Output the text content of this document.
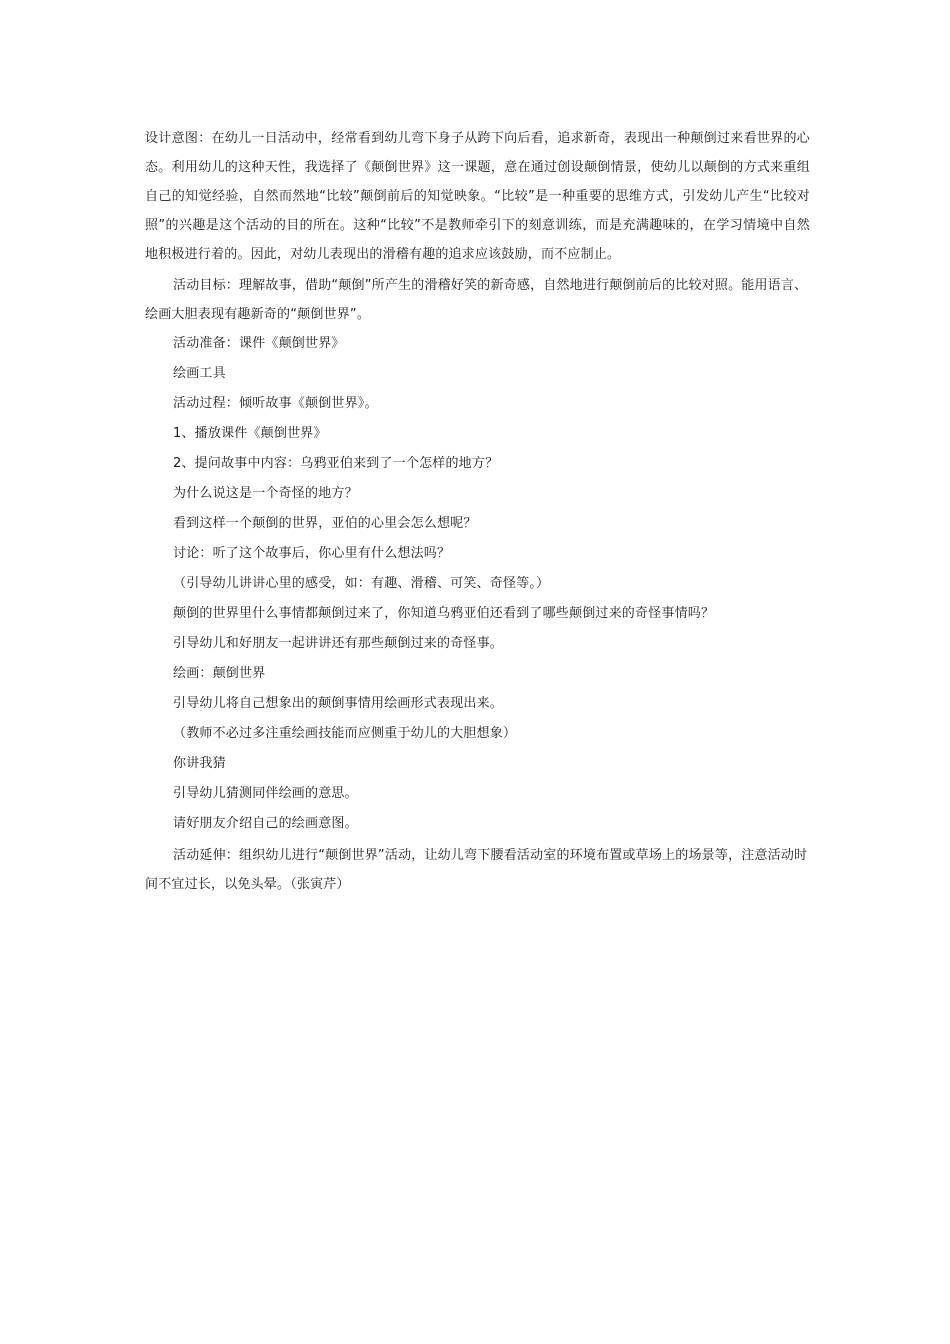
设计意图：在幼儿一日活动中，经常看到幼儿弯下身子从跨下向后看，追求新奇，表现出一种颠倒过来看世界的心态。利用幼儿的这种天性，我选择了《颠倒世界》这一课题，意在通过创设颠倒情景，使幼儿以颠倒的方式来重组自己的知觉经验，自然而然地“比较”颠倒前后的知觉映象。“比较”是一种重要的思维方式，引发幼儿产生“比较对照”的兴趣是这个活动的目的所在。这种“比较”不是教师牵引下的刻意训练，而是充满趣味的，在学习情境中自然地积极进行着的。因此，对幼儿表现出的滑稽有趣的追求应该鼓励，而不应制止。

活动目标：理解故事，借助“颠倒”所产生的滑稽好笑的新奇感，自然地进行颠倒前后的比较对照。能用语言、绘画大胆表现有趣新奇的“颠倒世界”。

活动准备：课件《颠倒世界》

绘画工具

活动过程：倾听故事《颠倒世界》。

1、播放课件《颠倒世界》

2、提问故事中内容：乌鸦亚伯来到了一个怎样的地方？

为什么说这是一个奇怪的地方？

看到这样一个颠倒的世界，亚伯的心里会怎么想呢？

讨论：听了这个故事后，你心里有什么想法吗？

（引导幼儿讲讲心里的感受，如：有趣、滑稽、可笑、奇怪等。）

颠倒的世界里什么事情都颠倒过来了，你知道乌鸦亚伯还看到了哪些颠倒过来的奇怪事情吗？

引导幼儿和好朋友一起讲讲还有那些颠倒过来的奇怪事。

绘画：颠倒世界

引导幼儿将自己想象出的颠倒事情用绘画形式表现出来。

（教师不必过多注重绘画技能而应侧重于幼儿的大胆想象）

你讲我猜

引导幼儿猜测同伴绘画的意思。

请好朋友介绍自己的绘画意图。

活动延伸：组织幼儿进行“颠倒世界”活动，让幼儿弯下腰看活动室的环境布置或草场上的场景等，注意活动时间不宜过长，以免头晕。（张寅芹）
